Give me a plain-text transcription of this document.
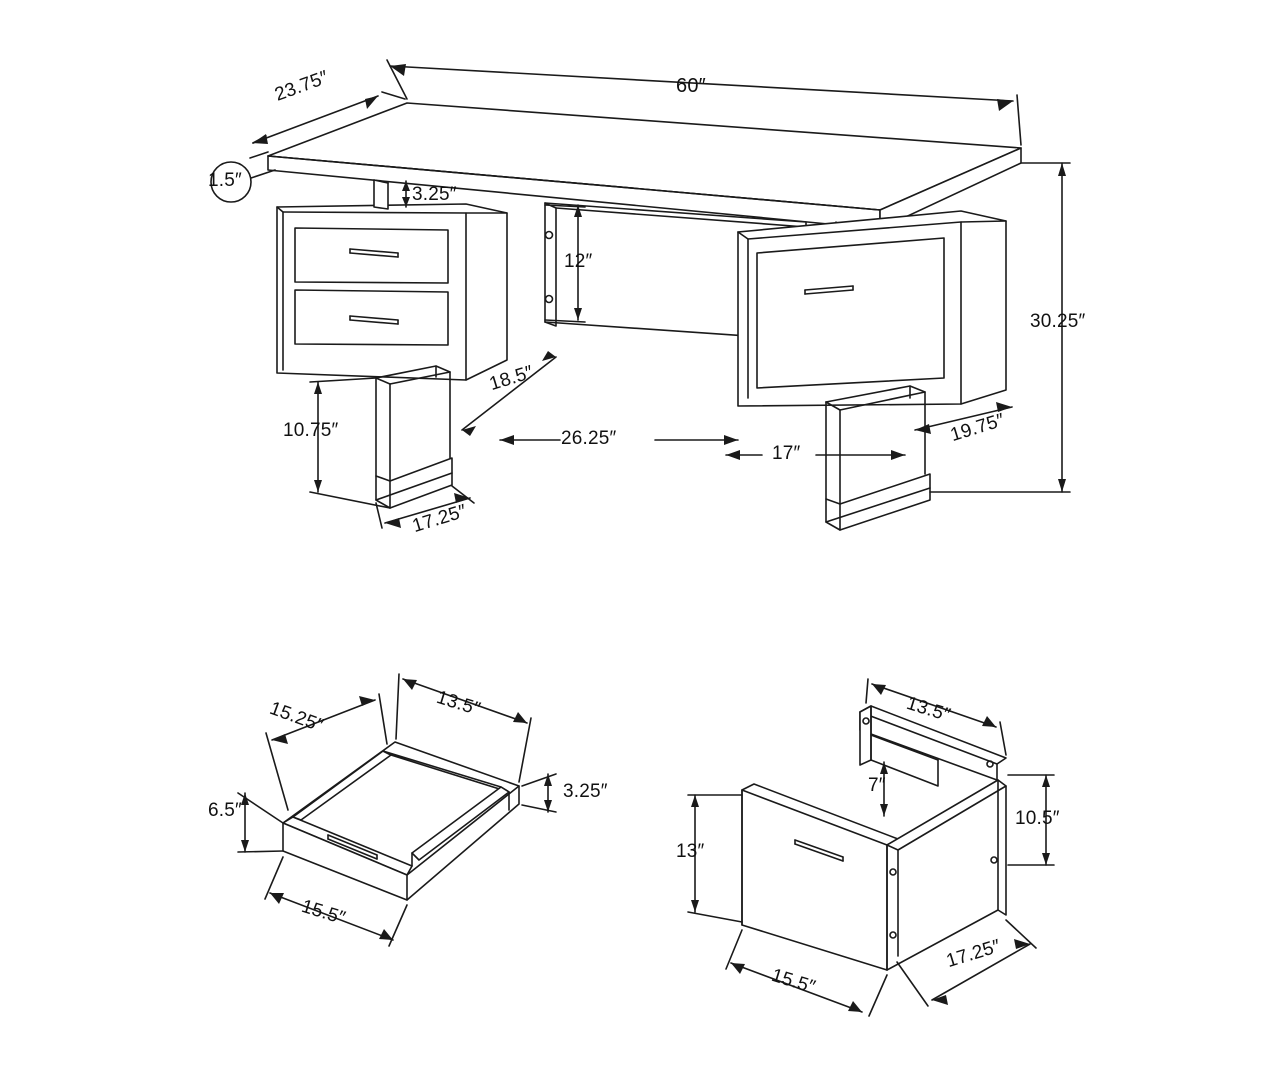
23.75″	60″
1.5″
3.25″
12″
30.25″
10.75″
18.5″
26.25″
17″
19.75″
17.25″
15.25″	13.5″
6.5″
3.25″
15.5″
13.5″
7″
10.5″
13″
15.5″
17.25″
